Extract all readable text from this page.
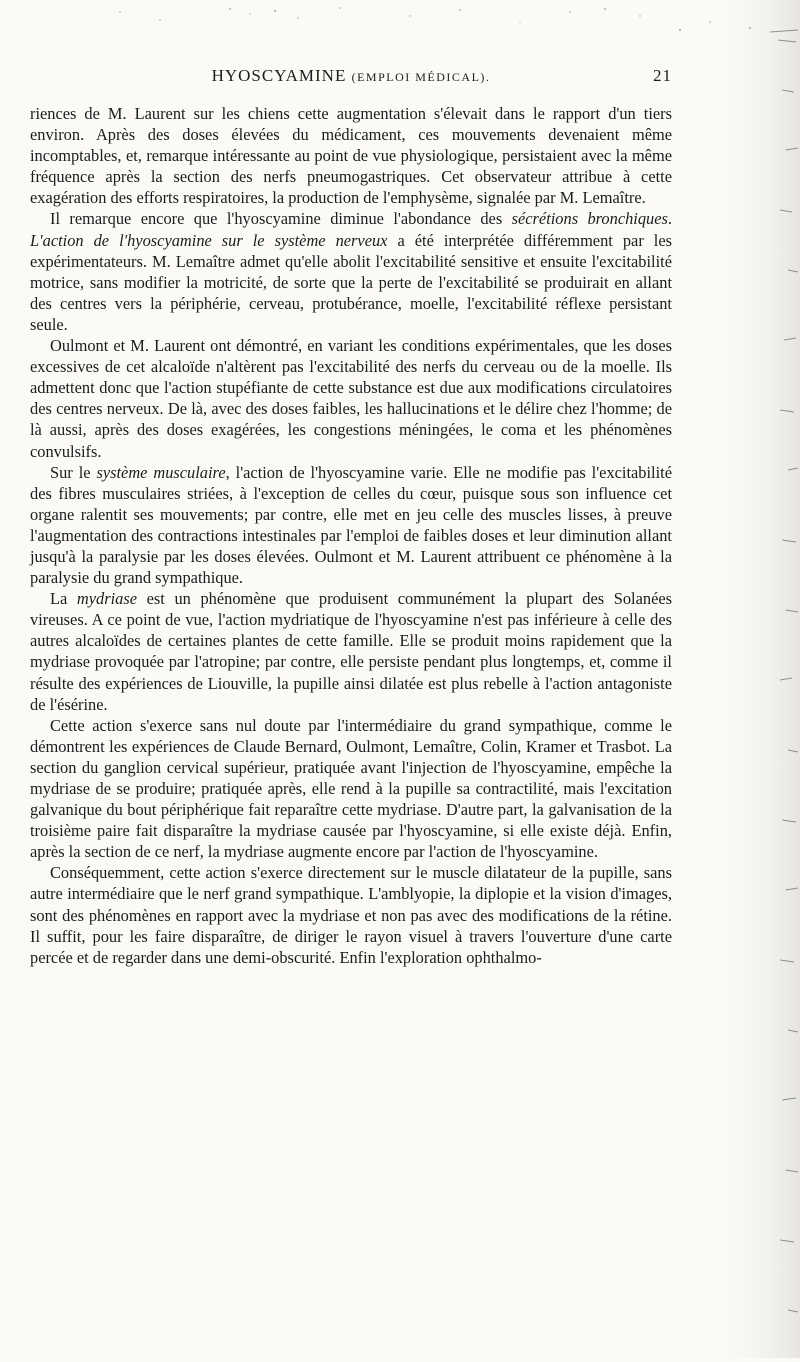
HYOSCYAMINE (EMPLOI MÉDICAL).	21

riences de M. Laurent sur les chiens cette augmentation s'élevait dans le rapport d'un tiers environ. Après des doses élevées du médicament, ces mouvements devenaient même incomptables, et, remarque intéressante au point de vue physiologique, persistaient avec la même fréquence après la section des nerfs pneumogastriques. Cet observateur attribue à cette exagération des efforts respiratoires, la production de l'emphysème, signalée par M. Lemaître.

Il remarque encore que l'hyoscyamine diminue l'abondance des sécrétions bronchiques. L'action de l'hyoscyamine sur le système nerveux a été interprétée différemment par les expérimentateurs. M. Lemaître admet qu'elle abolit l'excitabilité sensitive et ensuite l'excitabilité motrice, sans modifier la motricité, de sorte que la perte de l'excitabilité se produirait en allant des centres vers la périphérie, cerveau, protubérance, moelle, l'excitabilité réflexe persistant seule.

Oulmont et M. Laurent ont démontré, en variant les conditions expérimentales, que les doses excessives de cet alcaloïde n'altèrent pas l'excitabilité des nerfs du cerveau ou de la moelle. Ils admettent donc que l'action stupéfiante de cette substance est due aux modifications circulatoires des centres nerveux. De là, avec des doses faibles, les hallucinations et le délire chez l'homme; de là aussi, après des doses exagérées, les congestions méningées, le coma et les phénomènes convulsifs.

Sur le système musculaire, l'action de l'hyoscyamine varie. Elle ne modifie pas l'excitabilité des fibres musculaires striées, à l'exception de celles du cœur, puisque sous son influence cet organe ralentit ses mouvements; par contre, elle met en jeu celle des muscles lisses, à preuve l'augmentation des contractions intestinales par l'emploi de faibles doses et leur diminution allant jusqu'à la paralysie par les doses élevées. Oulmont et M. Laurent attribuent ce phénomène à la paralysie du grand sympathique.

La mydriase est un phénomène que produisent communément la plupart des Solanées vireuses. A ce point de vue, l'action mydriatique de l'hyoscyamine n'est pas inférieure à celle des autres alcaloïdes de certaines plantes de cette famille. Elle se produit moins rapidement que la mydriase provoquée par l'atropine; par contre, elle persiste pendant plus longtemps, et, comme il résulte des expériences de Liouville, la pupille ainsi dilatée est plus rebelle à l'action antagoniste de l'ésérine.

Cette action s'exerce sans nul doute par l'intermédiaire du grand sympathique, comme le démontrent les expériences de Claude Bernard, Oulmont, Lemaître, Colin, Kramer et Trasbot. La section du ganglion cervical supérieur, pratiquée avant l'injection de l'hyoscyamine, empêche la mydriase de se produire; pratiquée après, elle rend à la pupille sa contractilité, mais l'excitation galvanique du bout périphérique fait reparaître cette mydriase. D'autre part, la galvanisation de la troisième paire fait disparaître la mydriase causée par l'hyoscyamine, si elle existe déjà. Enfin, après la section de ce nerf, la mydriase augmente encore par l'action de l'hyoscyamine.

Conséquemment, cette action s'exerce directement sur le muscle dilatateur de la pupille, sans autre intermédiaire que le nerf grand sympathique. L'amblyopie, la diplopie et la vision d'images, sont des phénomènes en rapport avec la mydriase et non pas avec des modifications de la rétine. Il suffit, pour les faire disparaître, de diriger le rayon visuel à travers l'ouverture d'une carte percée et de regarder dans une demi-obscurité. Enfin l'exploration ophthalmo-
